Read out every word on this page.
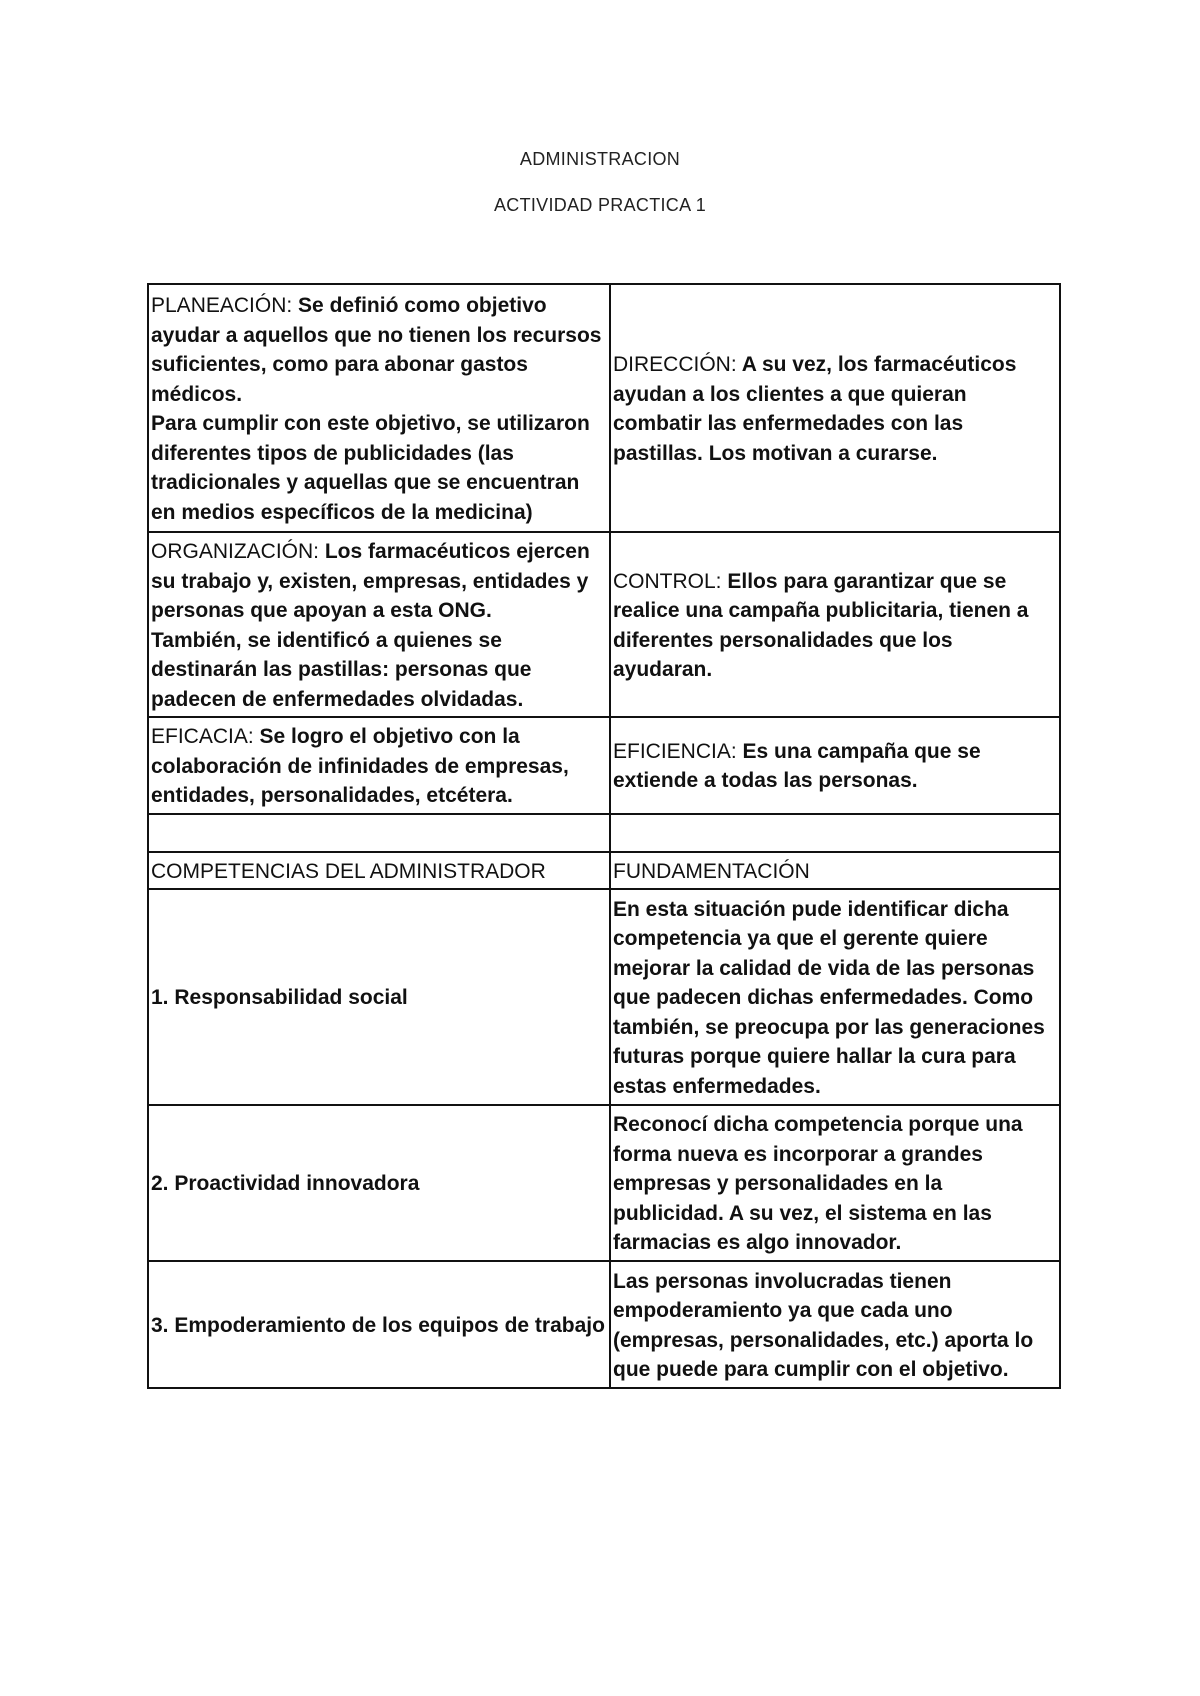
ADMINISTRACION
ACTIVIDAD PRACTICA 1
PLANEACIÓN: Se definió como objetivo ayudar a aquellos que no tienen los recursos suficientes, como para abonar gastos médicos.
Para cumplir con este objetivo, se utilizaron diferentes tipos de publicidades (las tradicionales y aquellas que se encuentran en medios específicos de la medicina)	DIRECCIÓN: A su vez, los farmacéuticos ayudan a los clientes a que quieran combatir las enfermedades con las pastillas. Los motivan a curarse.
ORGANIZACIÓN: Los farmacéuticos ejercen su trabajo y, existen, empresas, entidades y personas que apoyan a esta ONG.
También, se identificó a quienes se destinarán las pastillas: personas que padecen de enfermedades olvidadas.	CONTROL: Ellos para garantizar que se realice una campaña publicitaria, tienen a diferentes personalidades que los ayudaran.
EFICACIA: Se logro el objetivo con la colaboración de infinidades de empresas, entidades, personalidades, etcétera.	EFICIENCIA: Es una campaña que se extiende a todas las personas.

COMPETENCIAS DEL ADMINISTRADOR	FUNDAMENTACIÓN
1. Responsabilidad social	En esta situación pude identificar dicha competencia ya que el gerente quiere mejorar la calidad de vida de las personas que padecen dichas enfermedades. Como también, se preocupa por las generaciones futuras porque quiere hallar la cura para estas enfermedades.
2. Proactividad innovadora	Reconocí dicha competencia porque una forma nueva es incorporar a grandes empresas y personalidades en la publicidad. A su vez, el sistema en las farmacias es algo innovador.
3. Empoderamiento de los equipos de trabajo	Las personas involucradas tienen empoderamiento ya que cada uno (empresas, personalidades, etc.) aporta lo que puede para cumplir con el objetivo.
